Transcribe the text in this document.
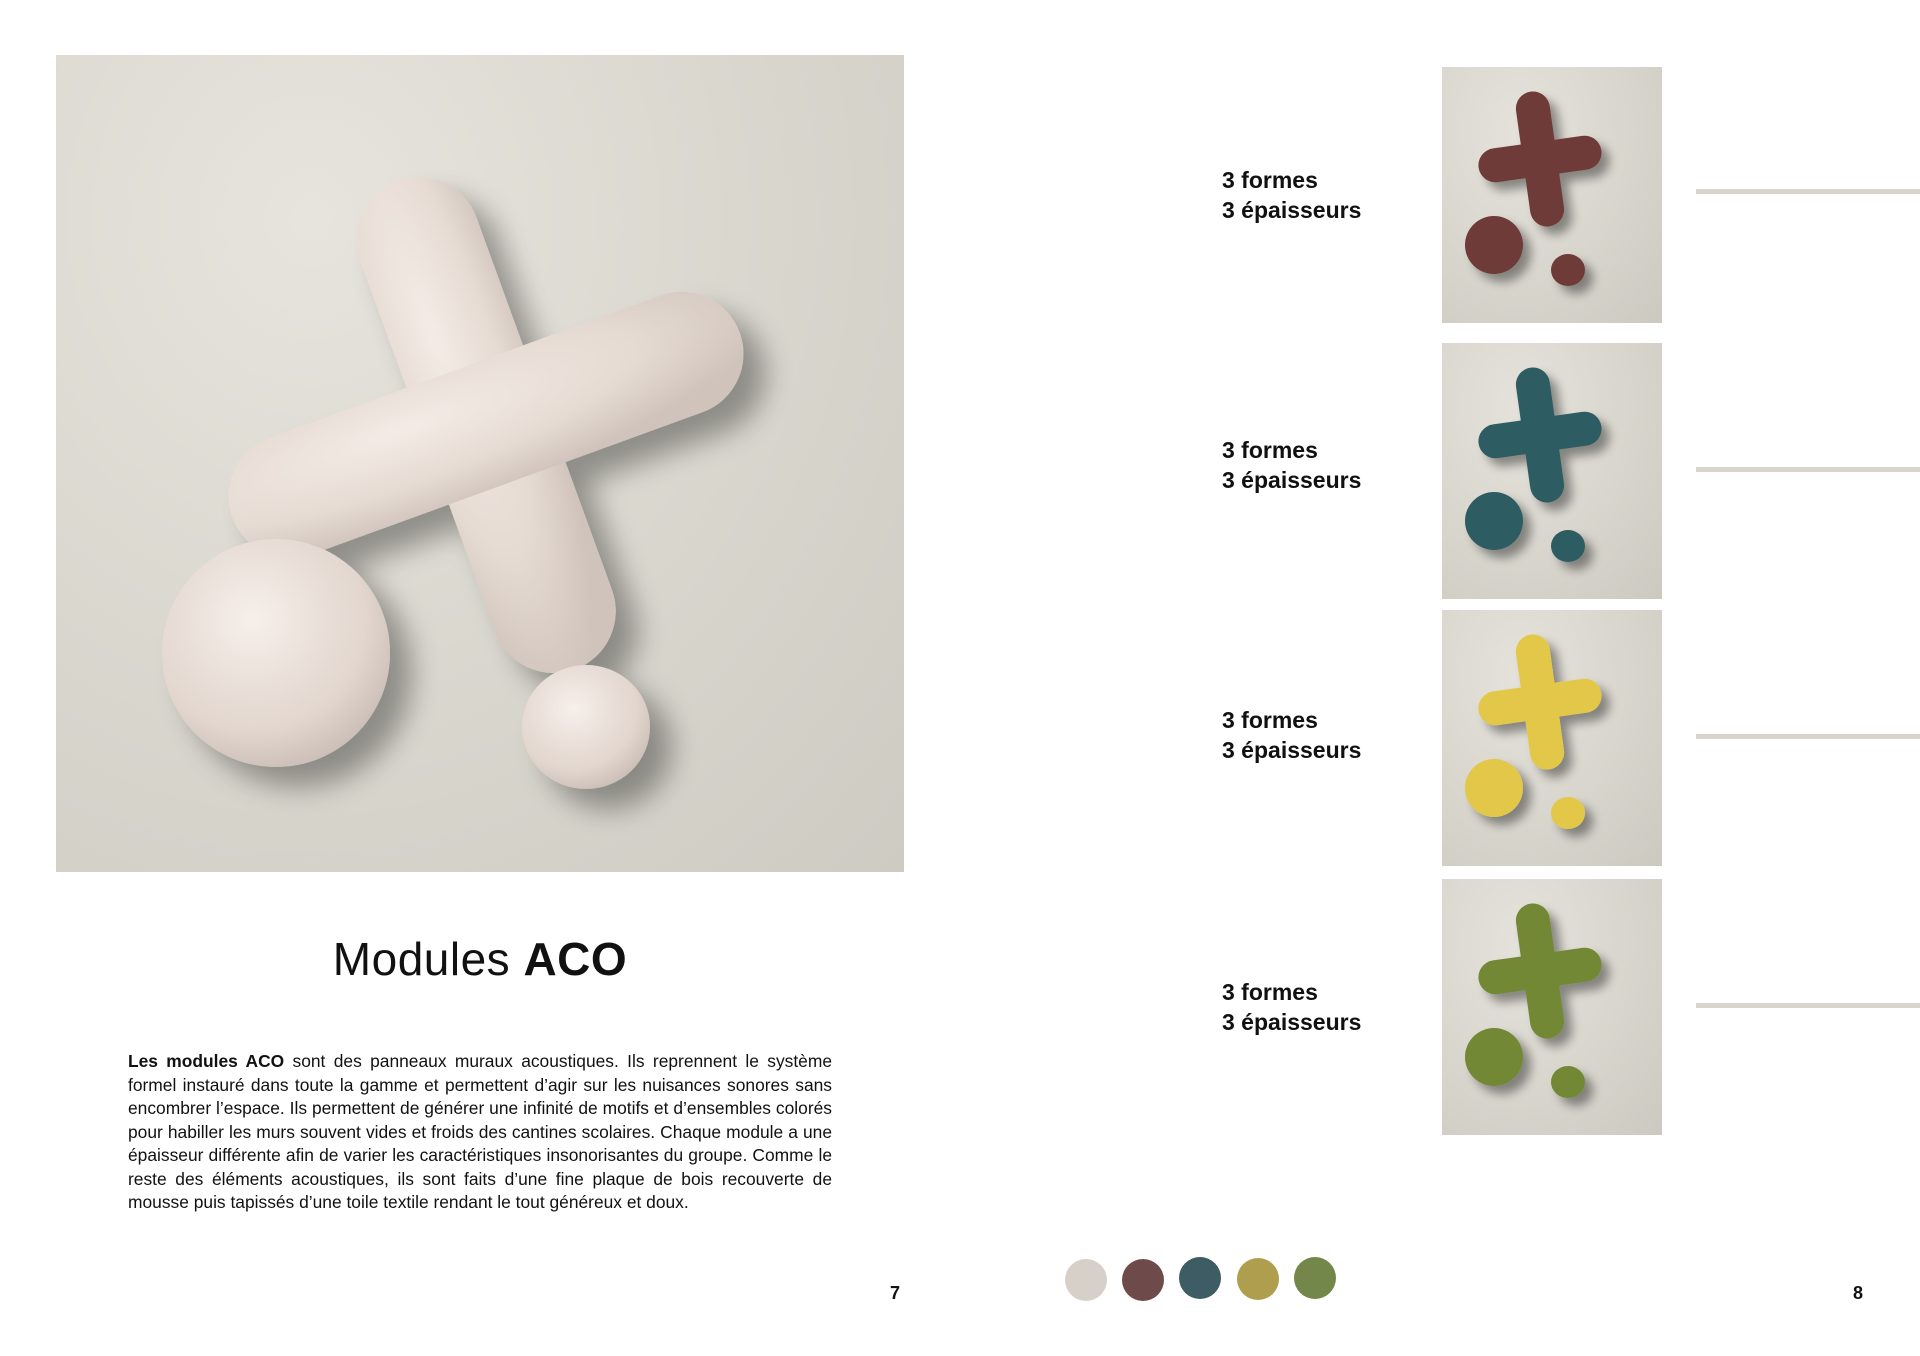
Modules ACO

Les modules ACO sont des panneaux muraux acoustiques. Ils reprennent le système formel instauré dans toute la gamme et permettent d’agir sur les nuisances sonores sans encombrer l’espace. Ils permettent de générer une infinité de motifs et d’ensembles colorés pour habiller les murs souvent vides et froids des cantines scolaires. Chaque module a une épaisseur différente afin de varier les caractéristiques insonorisantes du groupe. Comme le reste des éléments acoustiques, ils sont faits d’une fine plaque de bois recouverte de mousse puis tapissés d’une toile textile rendant le tout généreux et doux.

7
3 formes
3 épaisseurs
3 formes
3 épaisseurs
3 formes
3 épaisseurs
3 formes
3 épaisseurs
8
